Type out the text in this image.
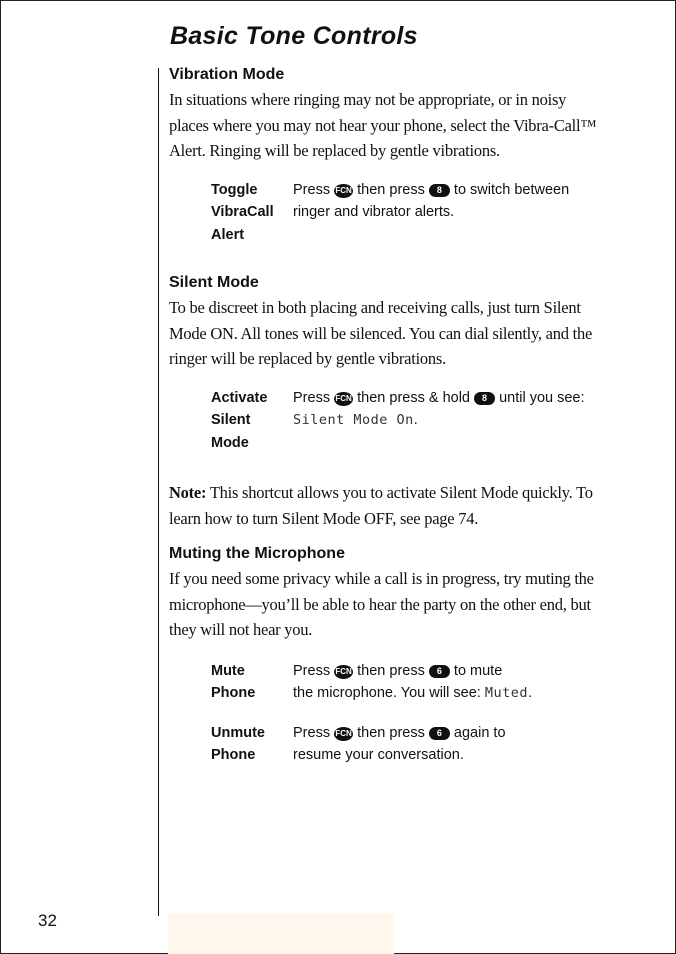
32
Basic Tone Controls

Vibration Mode

In situations where ringing may not be appropriate, or in noisy places where you may not hear your phone, select the Vibra-Call™ Alert. Ringing will be replaced by gentle vibrations.

Toggle
VibraCall
Alert
Press FCN then press 8 to switch between ringer and vibrator alerts.

Silent Mode

To be discreet in both placing and receiving calls, just turn Silent Mode ON. All tones will be silenced. You can dial silently, and the ringer will be replaced by gentle vibrations.

Activate
Silent
Mode
Press FCN then press & hold 8 until you see: Silent Mode On.

Note: This shortcut allows you to activate Silent Mode quickly. To learn how to turn Silent Mode OFF, see page 74.

Muting the Microphone

If you need some privacy while a call is in progress, try muting the microphone—you’ll be able to hear the party on the other end, but they will not hear you.

Mute
Phone
Press FCN then press 6 to mute
the microphone. You will see: Muted.
Unmute
Phone
Press FCN then press 6 again to
resume your conversation.
